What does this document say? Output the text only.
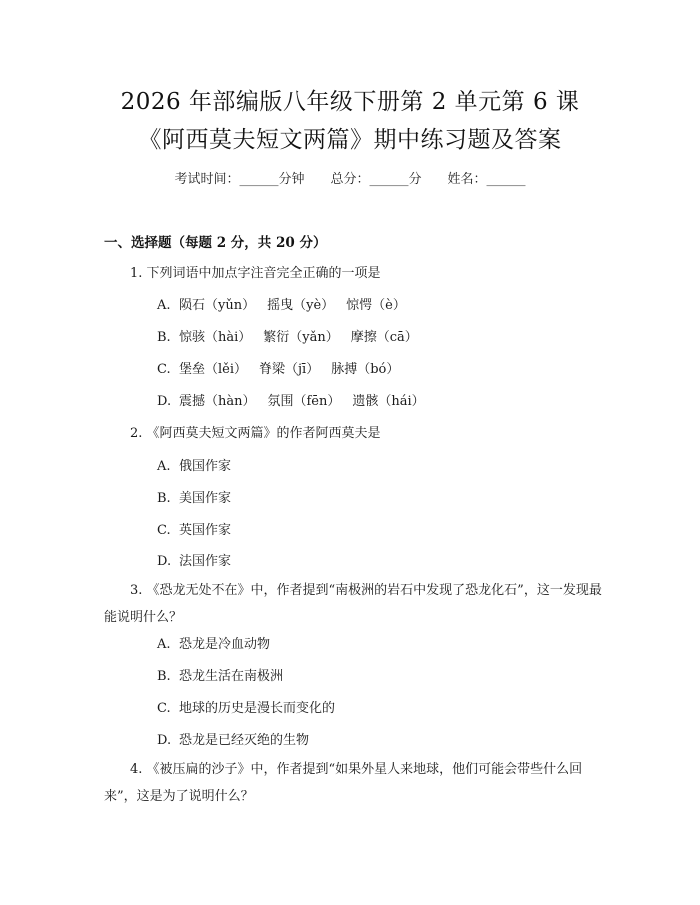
2026 年部编版八年级下册第 2 单元第 6 课
《阿西莫夫短文两篇》期中练习题及答案
考试时间：______分钟 总分：______分 姓名：______
一、选择题（每题 2 分，共 20 分）
1. 下列词语中加点字注音完全正确的一项是
A. 陨石（yǔn） 摇曳（yè） 惊愕（è）
B. 惊骇（hài） 繁衍（yǎn） 摩擦（cā）
C. 堡垒（lěi） 脊梁（jī） 脉搏（bó）
D. 震撼（hàn） 氛围（fēn） 遗骸（hái）
2. 《阿西莫夫短文两篇》的作者阿西莫夫是
A. 俄国作家
B. 美国作家
C. 英国作家
D. 法国作家
3. 《恐龙无处不在》中，作者提到“南极洲的岩石中发现了恐龙化石”，这一发现最能说明什么？
A. 恐龙是冷血动物
B. 恐龙生活在南极洲
C. 地球的历史是漫长而变化的
D. 恐龙是已经灭绝的生物
4. 《被压扁的沙子》中，作者提到“如果外星人来地球，他们可能会带些什么回来”，这是为了说明什么？
